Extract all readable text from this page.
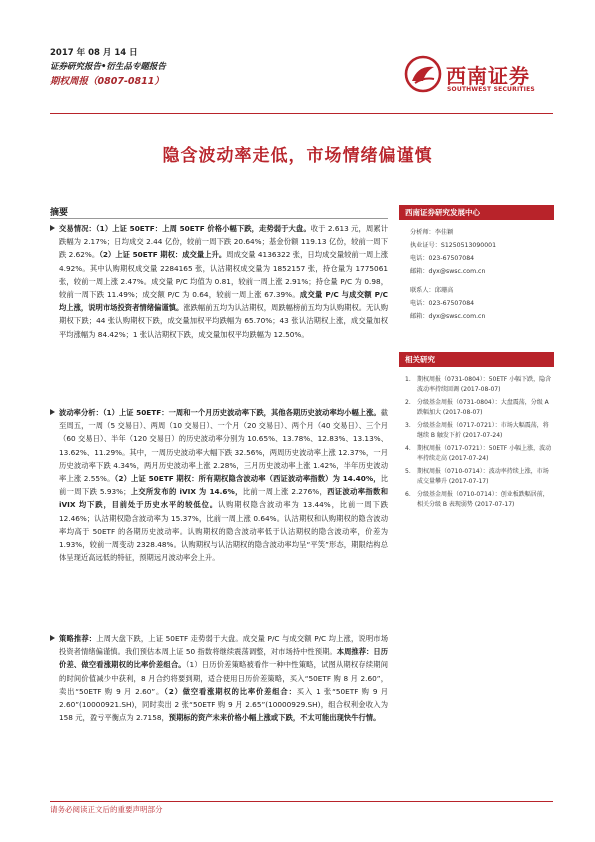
2017 年 08 月 14 日
证券研究报告•衍生品专题报告
期权周报（0807-0811）	西南证券
SOUTHWEST SECURITIES
隐含波动率走低，市场情绪偏谨慎
摘要
交易情况：（1）上证 50ETF：上周 50ETF 价格小幅下跌，走势弱于大盘。收于 2.613 元，周累计跌幅为 2.17%；日均成交 2.44 亿份，较前一周下跌 20.64%；基金份额 119.13 亿份，较前一周下跌 2.62%。（2）上证 50ETF 期权：成交量上升。周成交量 4136322 张，日均成交量较前一周上涨 4.92%。其中认购期权成交量 2284165 张，认沽期权成交量为 1852157 张，持仓量为 1775061 张，较前一周上涨 2.47%。成交量 P/C 均值为 0.81，较前一周上涨 2.91%；持仓量 P/C 为 0.98，较前一周下跌 11.49%；成交额 P/C 为 0.64，较前一周上涨 67.39%。成交量 P/C 与成交额 P/C 均上涨，说明市场投资者情绪偏谨慎。涨跌幅前五均为认沽期权，周跌幅榜前五均为认购期权。无认购期权下跌；44 张认购期权下跌，成交量加权平均跌幅为 65.70%；43 张认沽期权上涨，成交量加权平均涨幅为 84.42%；1 张认沽期权下跌，成交量加权平均跌幅为 12.50%。
波动率分析：（1）上证 50ETF：一周和一个月历史波动率下跌，其他各期历史波动率均小幅上涨。截至周五，一周（5 交易日）、两周（10 交易日）、一个月（20 交易日）、两个月（40 交易日）、三个月（60 交易日）、半年（120 交易日）的历史波动率分别为 10.65%、13.78%、12.83%、13.13%、13.62%、11.29%。其中，一周历史波动率大幅下跌 32.56%，两周历史波动率上涨 12.37%，一月历史波动率下跌 4.34%，两月历史波动率上涨 2.28%，三月历史波动率上涨 1.42%，半年历史波动率上涨 2.55%。（2）上证 50ETF 期权：所有期权隐含波动率（西证波动率指数）为 14.40%，比前一周下跌 5.93%；上交所发布的 iVIX 为 14.6%，比前一周上涨 2.276%，西证波动率指数和 iVIX 均下跌，目前处于历史水平的较低位。认购期权隐含波动率为 13.44%，比前一周下跌 12.46%；认沽期权隐含波动率为 15.37%，比前一周上涨 0.64%。认沽期权和认购期权的隐含波动率均高于 50ETF 的各期历史波动率。认购期权的隐含波动率低于认沽期权的隐含波动率，价差为 1.93%，较前一周变动 2328.48%。认购期权与认沽期权的隐含波动率均呈“平笑”形态，期限结构总体呈现近高远低的特征，预期远月波动率会上升。
策略推荐：上周大盘下跌，上证 50ETF 走势弱于大盘。成交量 P/C 与成交额 P/C 均上涨，说明市场投资者情绪偏谨慎。我们预估本周上证 50 指数将继续震荡调整，对市场持中性预期。本周推荐：日历价差、做空看涨期权的比率价差组合。（1）日历价差策略被看作一种中性策略，试图从期权存续期间的时间价值减少中获利，8 月合约将要到期，适合使用日历价差策略，买入“50ETF 购 8 月 2.60”，卖出“50ETF 购 9 月 2.60”。（2）做空看涨期权的比率价差组合：买入 1 张“50ETF 购 9 月 2.60”(10000921.SH)，同时卖出 2 张“50ETF 购 9 月 2.65”(10000929.SH)，组合权利金收入为 158 元，盈亏平衡点为 2.7158，预期标的资产未来价格小幅上涨或下跌，不太可能出现快牛行情。
西南证券研究发展中心
分析师：李佳颖
执业证号：S1250513090001
电话：023-67507084
邮箱：dyx@swsc.com.cn
联系人：邱珊高
电话：023-67507084
邮箱：dyx@swsc.com.cn
相关研究
1. 期权周报（0731-0804）：50ETF 小幅下跌，隐含波动率持续回调 (2017-08-07)
2. 分级基金周报（0731-0804）：大盘震荡，分级 A 跌幅加大 (2017-08-07)
3. 分级基金周报（0717-0721）：市场大幅震荡，将继续 B 触发下折 (2017-07-24)
4. 期权周报（0717-0721）：50ETF 小幅上涨，波动率持续走高 (2017-07-24)
5. 期权周报（0710-0714）：波动率持续上涨，市场成交量攀升 (2017-07-17)
6. 分级基金周报（0710-0714）：创业板跌幅居前，相关分级 B 表现弱势 (2017-07-17)
请务必阅读正文后的重要声明部分
